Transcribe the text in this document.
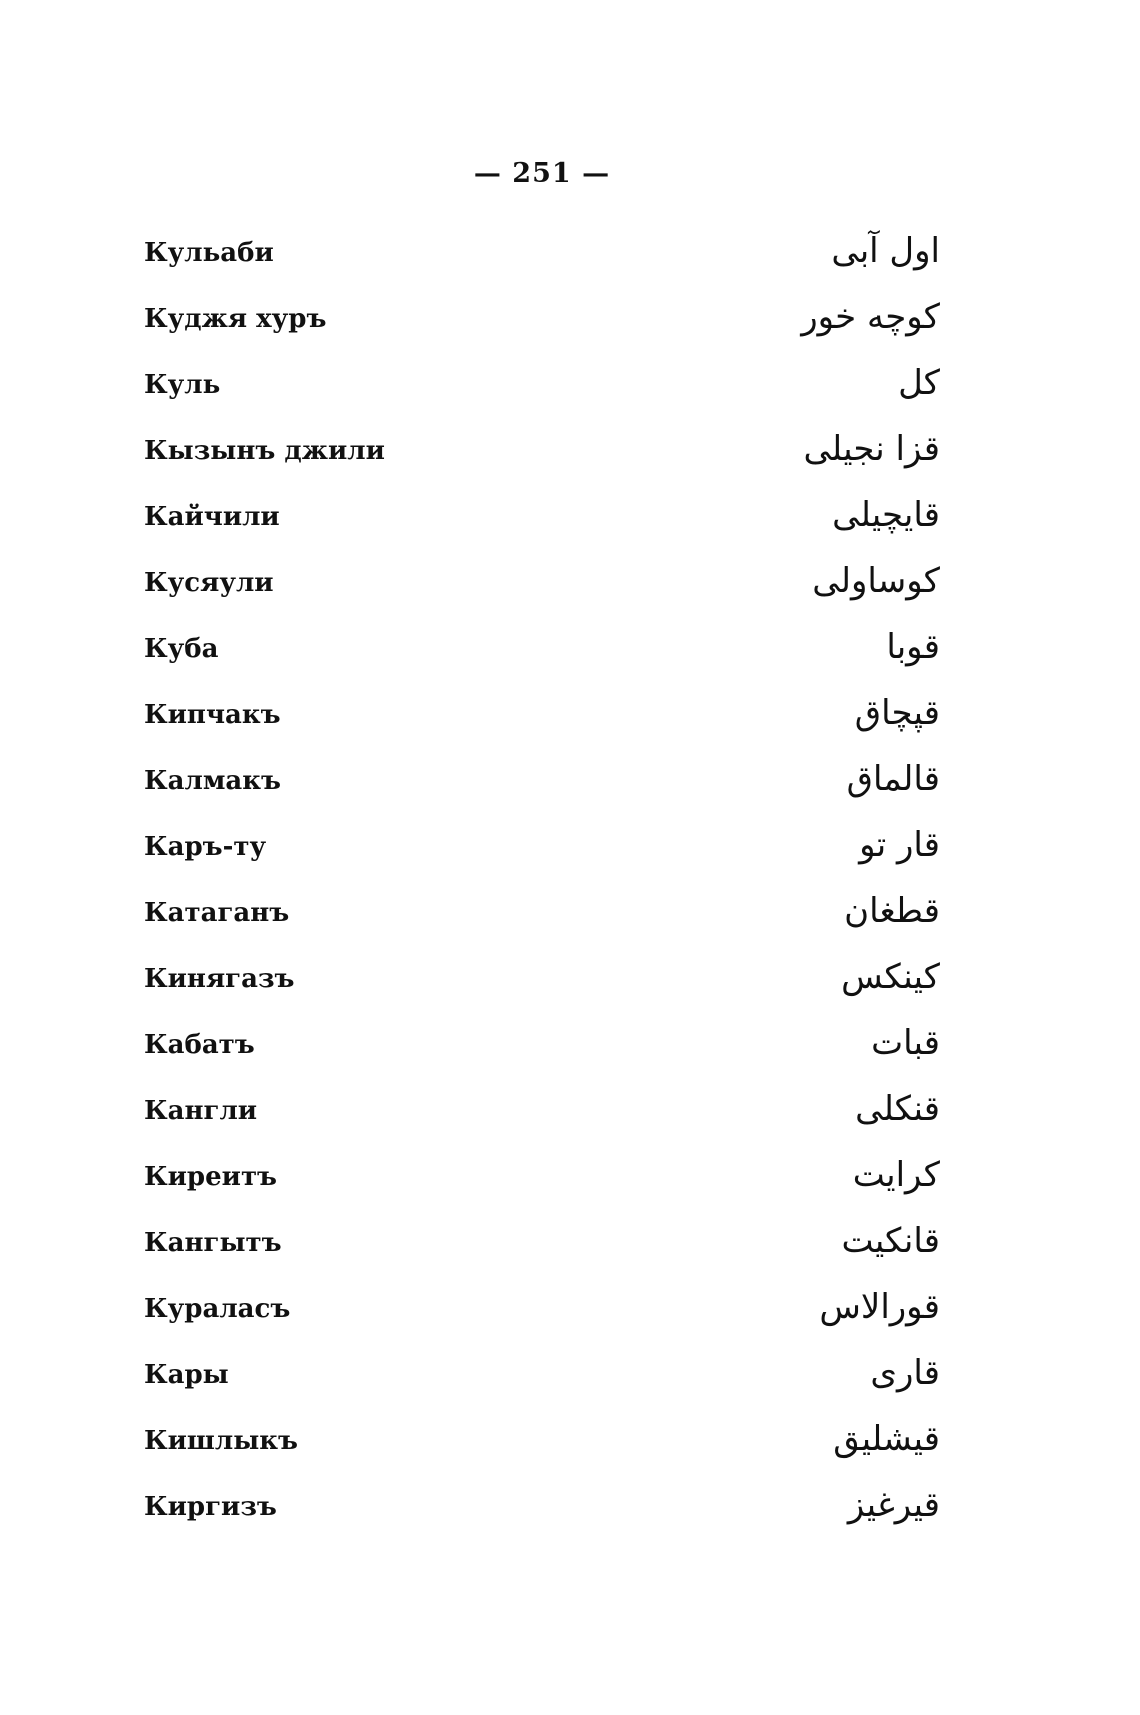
— 251 —
Кульаби	اول آبی
Куджя хуръ	کوچه خور
Куль	کل
Кызынъ джили	قزا نجیلی
Кайчили	قایچیلی
Кусяули	کوساولی
Куба	قوبا
Кипчакъ	قپچاق
Калмакъ	قالماق
Каръ-ту	قار تو
Катаганъ	قطغان
Кинягазъ	کینکس
Кабатъ	قبات
Кангли	قنکلی
Киреитъ	کرایت
Кангытъ	قانکیت
Кураласъ	قورالاس
Кары	قاری
Кишлыкъ	قیشلیق
Киргизъ	قیرغیز
